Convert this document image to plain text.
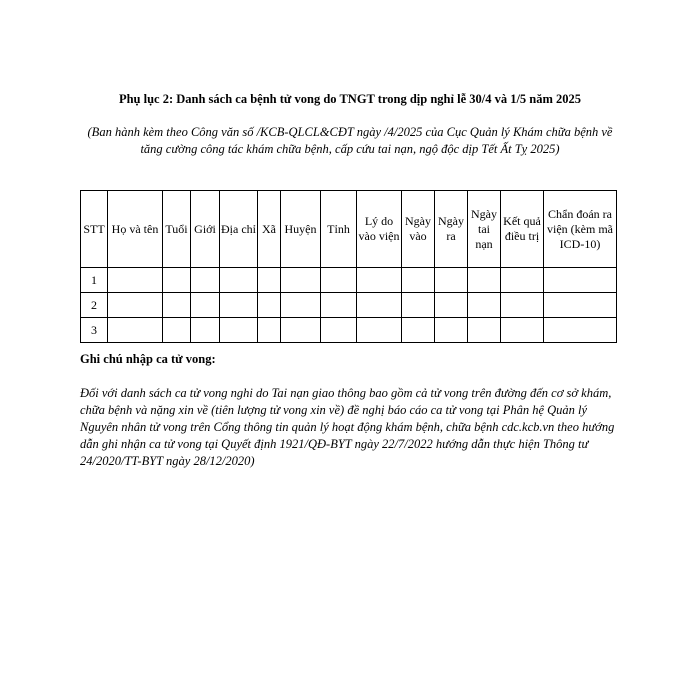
Phụ lục 2: Danh sách ca bệnh tử vong do TNGT trong dịp nghỉ lễ 30/4 và 1/5 năm 2025
(Ban hành kèm theo Công văn số /KCB-QLCL&CĐT ngày /4/2025 của Cục Quản lý Khám chữa bệnh về tăng cường công tác khám chữa bệnh, cấp cứu tai nạn, ngộ độc dịp Tết Ất Tỵ 2025)
STT	Họ và tên	Tuổi	Giới	Địa chỉ	Xã	Huyện	Tỉnh	Lý do vào viện	Ngày vào	Ngày ra	Ngày tai nạn	Kết quả điều trị	Chẩn đoán ra viện (kèm mã ICD-10)
1													
2													
3													
Ghi chú nhập ca tử vong:
Đối với danh sách ca tử vong nghi do Tai nạn giao thông bao gồm cả tử vong trên đường đến cơ sở khám, chữa bệnh và nặng xin về (tiên lượng tử vong xin về) đề nghị báo cáo ca tử vong tại Phân hệ Quản lý Nguyên nhân tử vong trên Cổng thông tin quản lý hoạt động khám bệnh, chữa bệnh cdc.kcb.vn theo hướng dẫn ghi nhận ca tử vong tại Quyết định 1921/QĐ-BYT ngày 22/7/2022 hướng dẫn thực hiện Thông tư 24/2020/TT-BYT ngày 28/12/2020)
